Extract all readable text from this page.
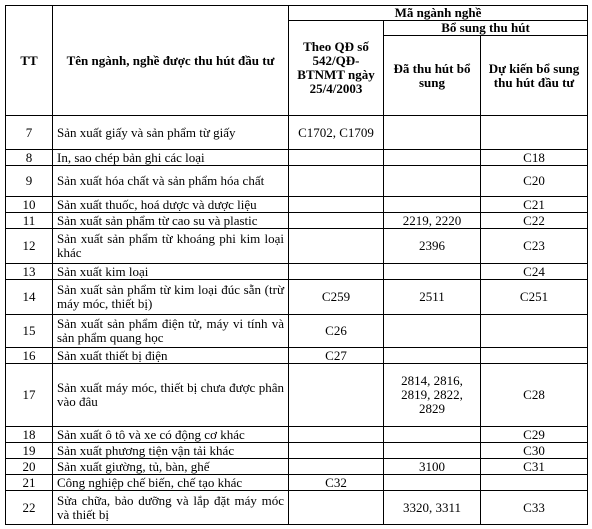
TT	Tên ngành, nghề được thu hút đầu tư	Mã ngành nghề		
		Theo QĐ số 542/QĐ-BTNMT ngày 25/4/2003	Bổ sung thu hút	
			Đã thu hút bổ sung	Dự kiến bổ sung thu hút đầu tư
7	Sản xuất giấy và sản phẩm từ giấy	C1702, C1709		
8	In, sao chép bản ghi các loại			C18
9	Sản xuất hóa chất và sản phẩm hóa chất			C20
10	Sản xuất thuốc, hoá dược và dược liệu			C21
11	Sản xuất sản phẩm từ cao su và plastic		2219, 2220	C22
12	Sản xuất sản phẩm từ khoáng phi kim loại khác		2396	C23
13	Sản xuất kim loại			C24
14	Sản xuất sản phẩm từ kim loại đúc sẵn (trừ máy móc, thiết bị)	C259	2511	C251
15	Sản xuất sản phẩm điện tử, máy vi tính và sản phẩm quang học	C26		
16	Sản xuất thiết bị điện	C27		
17	Sản xuất máy móc, thiết bị chưa được phân vào đâu		2814, 2816, 2819, 2822, 2829	C28
18	Sản xuất ô tô và xe có động cơ khác			C29
19	Sản xuất phương tiện vận tải khác			C30
20	Sản xuất giường, tủ, bàn, ghế		3100	C31
21	Công nghiệp chế biến, chế tạo khác	C32		
22	Sửa chữa, bảo dưỡng và lắp đặt máy móc và thiết bị		3320, 3311	C33
